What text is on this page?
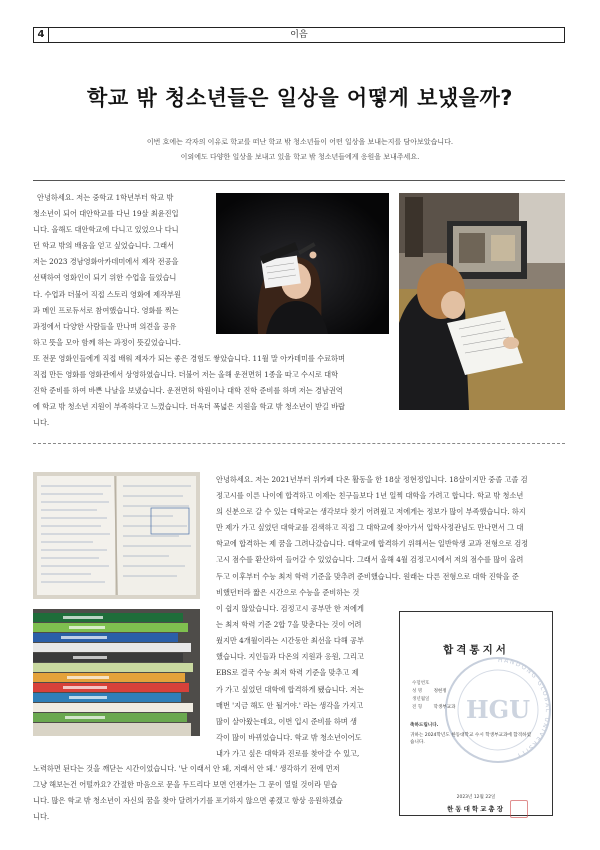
4	이음
학교 밖 청소년들은 일상을 어떻게 보냈을까?
이번 호에는 각자의 이유로 학교를 떠난 학교 밖 청소년들이 어떤 일상을 보내는지를 담아보았습니다.
이외에도 다양한 일상을 보내고 있을 학교 밖 청소년들에게 응원을 보내주세요.
안녕하세요. 저는 중학교 1학년부터 학교 밖
청소년이 되어 대안학교를 다닌 19살 최윤진입
니다. 올해도 대안학교에 다니고 있었으나 다니
던 학교 밖의 배움을 얻고 싶었습니다. 그래서
저는 2023 경남영화아카데미에서 제작 전공을
선택하여 영화인이 되기 위한 수업을 들었습니
다. 수업과 더불어 직접 스토리 영화에 제작부원
과 메인 프로듀서로 참여했습니다. 영화를 찍는
과정에서 다양한 사람들을 만나며 의견을 공유
하고 뜻을 모아 함께 하는 과정이 뜻깊었습니다.
또 전문 영화인들에게 직접 배워 제자가 되는 좋은 경험도 쌓았습니다. 11월 말 아카데미를 수료하며
직접 만든 영화를 영화관에서 상영하였습니다. 더불어 저는 올해 운전면허 1종을 따고 수시로 대학
진학 준비를 하여 바쁜 나날을 보냈습니다. 운전면허 학원이나 대학 진학 준비를 하며 저는 경남권역
에 학교 밖 청소년 지원이 부족하다고 느꼈습니다. 더욱더 폭넓은 지원을 학교 밖 청소년이 받길 바랍
니다.
안녕하세요. 저는 2021년부터 위카페 다온 활동을 한 18살 정현정입니다. 18살이지만 중졸 고졸 검
정고시를 이른 나이에 합격하고 이제는 친구들보다 1년 일찍 대학을 가려고 합니다. 학교 밖 청소년
의 신분으로 갈 수 있는 대학교는 생각보다 찾기 어려웠고 저에게는 정보가 많이 부족했습니다. 하지
만 제가 가고 싶었던 대학교를 검색하고 직접 그 대학교에 찾아가서 입학사정관님도 만나면서 그 대
학교에 합격하는 제 꿈을 그려나갔습니다. 대학교에 합격하기 위해서는 일반학생 교과 전형으로 검정
고시 점수를 환산하여 들어갈 수 있었습니다. 그래서 올해 4월 검정고시에서 저의 점수를 많이 올려
두고 이후부터 수능 최저 학력 기준을 맞추려 준비했습니다. 원래는 다른 전형으로 대학 진학을 준
비했던터라 짧은 시간으로 수능을 준비하는 것
이 쉽지 않았습니다. 검정고시 공부만 한 저에게
는 최저 학력 기준 2합 7을 맞춘다는 것이 어려
웠지만 4개월이라는 시간동안 최선을 다해 공부
했습니다. 지인들과 다온의 지원과 응원, 그리고
EBS로 결국 수능 최저 학력 기준을 맞추고 제
가 가고 싶었던 대학에 합격하게 됐습니다. 저는
매번 '지금 해도 안 될거야.' 라는 생각을 가지고
많이 살아왔는데요, 이번 입시 준비를 하며 생
각이 많이 바뀌었습니다. 학교 밖 청소년이어도
내가 가고 싶은 대학과 진로를 찾아갈 수 있고,
노력하면 된다는 것을 깨닫는 시간이었습니다. '난 이래서 안 돼, 저래서 안 돼.' 생각하기 전에 먼저
그냥 해보는건 어떨까요? 간절한 마음으로 문을 두드리다 보면 언젠가는 그 문이 열릴 것이라 믿습
니다. 많은 학교 밖 청소년이 자신의 꿈을 찾아 달려가기를 포기하지 않으면 좋겠고 항상 응원하겠습
니다.
HANDONG GLOBAL UNIVERSITY
HGU
합격통지서
수험번호
성 명	정현정
생년월일
전 형	학생부교과
축하드립니다.
귀하는 2024학년도 한동대학교 수시 학생부교과에 합격하였
습니다.
2023년 12월 22일
한동대학교총장
